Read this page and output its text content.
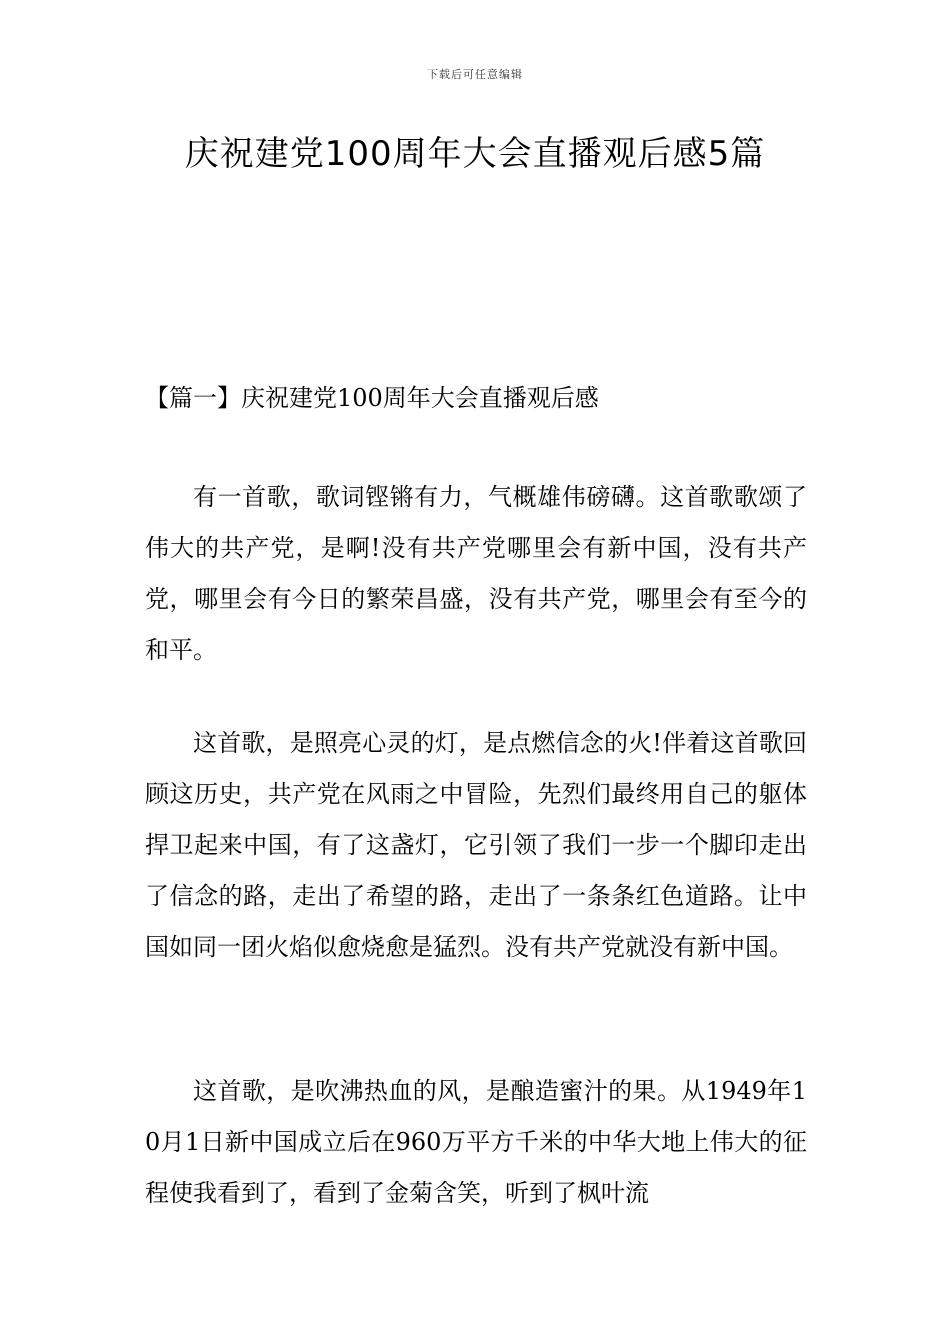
下载后可任意编辑
庆祝建党100周年大会直播观后感5篇
【篇一】庆祝建党100周年大会直播观后感

有一首歌，歌词铿锵有力，气概雄伟磅礴。这首歌歌颂了伟大的共产党，是啊!没有共产党哪里会有新中国，没有共产党，哪里会有今日的繁荣昌盛，没有共产党，哪里会有至今的和平。

这首歌，是照亮心灵的灯，是点燃信念的火!伴着这首歌回顾这历史，共产党在风雨之中冒险，先烈们最终用自己的躯体捍卫起来中国，有了这盏灯，它引领了我们一步一个脚印走出了信念的路，走出了希望的路，走出了一条条红色道路。让中国如同一团火焰似愈烧愈是猛烈。没有共产党就没有新中国。

这首歌，是吹沸热血的风，是酿造蜜汁的果。从1949年10月1日新中国成立后在960万平方千米的中华大地上伟大的征程使我看到了，看到了金菊含笑，听到了枫叶流
